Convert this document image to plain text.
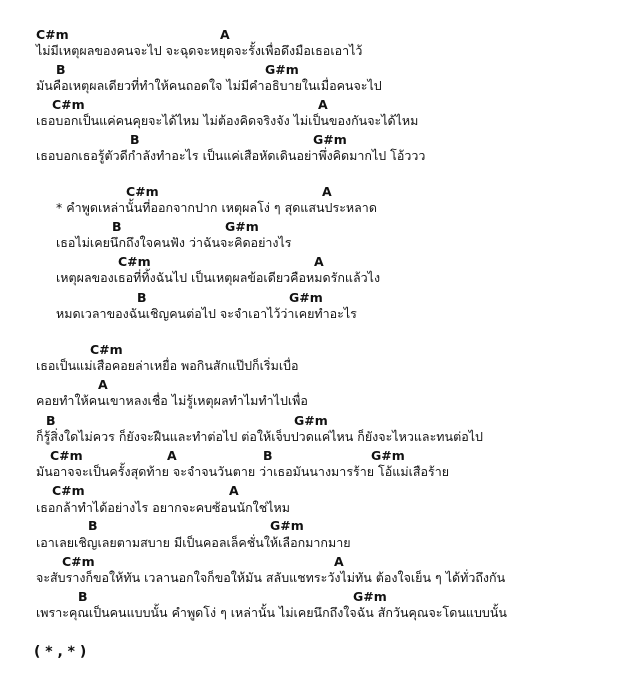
C#m	A
ไม่มีเหตุผลของคนจะไป จะฉุดจะหยุดจะรั้งเพื่อดึงมือเธอเอาไว้
B	G#m
มันคือเหตุผลเดียวที่ทำให้คนถอดใจ ไม่มีคำอธิบายในเมื่อคนจะไป
C#m	A
เธอบอกเป็นแค่คนคุยจะได้ไหม ไม่ต้องคิดจริงจัง ไม่เป็นของกันจะได้ไหม
B	G#m
เธอบอกเธอรู้ตัวดีกำลังทำอะไร เป็นแค่เสือหัดเดินอย่าพึ่งคิดมากไป โอ้ววว
C#m	A
* คำพูดเหล่านั้นที่ออกจากปาก เหตุผลโง่ ๆ สุดแสนประหลาด
B	G#m
เธอไม่เคยนึกถึงใจคนฟัง ว่าฉันจะคิดอย่างไร
C#m	A
เหตุผลของเธอที่ทิ้งฉันไป เป็นเหตุผลข้อเดียวคือหมดรักแล้วไง
B	G#m
หมดเวลาของฉันเชิญคนต่อไป จะจำเอาไว้ว่าเคยทำอะไร
C#m
เธอเป็นแม่เสือคอยล่าเหยื่อ พอกินสักแป๊ปก็เริ่มเบื่อ
A
คอยทำให้คนเขาหลงเชื่อ ไม่รู้เหตุผลทำไมทำไปเพื่อ
B	G#m
ก็รู้สิ่งใดไม่ควร ก็ยังจะฝืนและทำต่อไป ต่อให้เจ็บปวดแค่ไหน ก็ยังจะไหวและทนต่อไป
C#m	A	B	G#m
มันอาจจะเป็นครั้งสุดท้าย จะจำจนวันตาย ว่าเธอมันนางมารร้าย โอ้แม่เสือร้าย
C#m	A
เธอกล้าทำได้อย่างไร อยากจะคบซ้อนนักใช่ไหม
B	G#m
เอาเลยเชิญเลยตามสบาย มีเป็นคอลเล็คชั่นให้เลือกมากมาย
C#m	A
จะสับรางก็ขอให้ทัน เวลานอกใจก็ขอให้มัน สลับแชทระวังไม่ทัน ต้องใจเย็น ๆ ได้ทั่วถึงกัน
B	G#m
เพราะคุณเป็นคนแบบนั้น คำพูดโง่ ๆ เหล่านั้น ไม่เคยนึกถึงใจฉัน สักวันคุณจะโดนแบบนั้น
( * , * )
